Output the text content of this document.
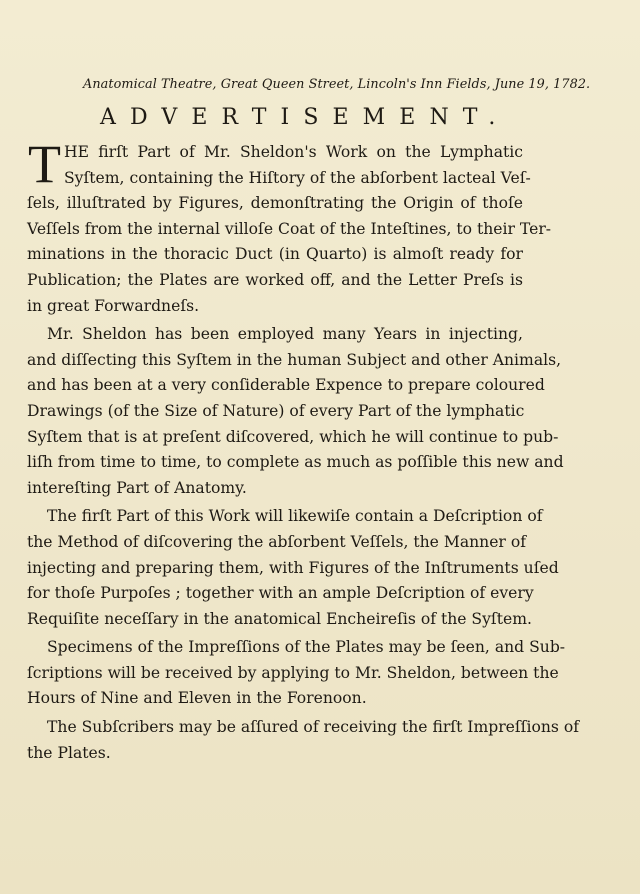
Anatomical Theatre, Great Queen Street, Lincoln's Inn Fields, June 19, 1782.
ADVERTISEMENT.
T HE firſt Part of Mr. Sheldon's Work on the Lymphatic
Syſtem, containing the Hiſtory of the abſorbent lacteal Veſ-
ſels, illuſtrated by Figures, demonſtrating the Origin of thoſe
Veſſels from the internal villoſe Coat of the Inteſtines, to their Ter-
minations in the thoracic Duct (in Quarto) is almoſt ready for
Publication; the Plates are worked off, and the Letter Preſs is
in great Forwardneſs.
Mr. Sheldon has been employed many Years in injecting,
and diſſecting this Syſtem in the human Subject and other Animals,
and has been at a very conſiderable Expence to prepare coloured
Drawings (of the Size of Nature) of every Part of the lymphatic
Syſtem that is at preſent diſcovered, which he will continue to pub-
liſh from time to time, to complete as much as poſſible this new and
intereſting Part of Anatomy.
The firſt Part of this Work will likewiſe contain a Deſcription of
the Method of diſcovering the abſorbent Veſſels, the Manner of
injecting and preparing them, with Figures of the Inſtruments uſed
for thoſe Purpoſes ; together with an ample Deſcription of every
Requiſite neceſſary in the anatomical Encheireſis of the Syſtem.
Specimens of the Impreſſions of the Plates may be ſeen, and Sub-
ſcriptions will be received by applying to Mr. Sheldon, between the
Hours of Nine and Eleven in the Forenoon.
The Subſcribers may be aſſured of receiving the firſt Impreſſions of
the Plates.
